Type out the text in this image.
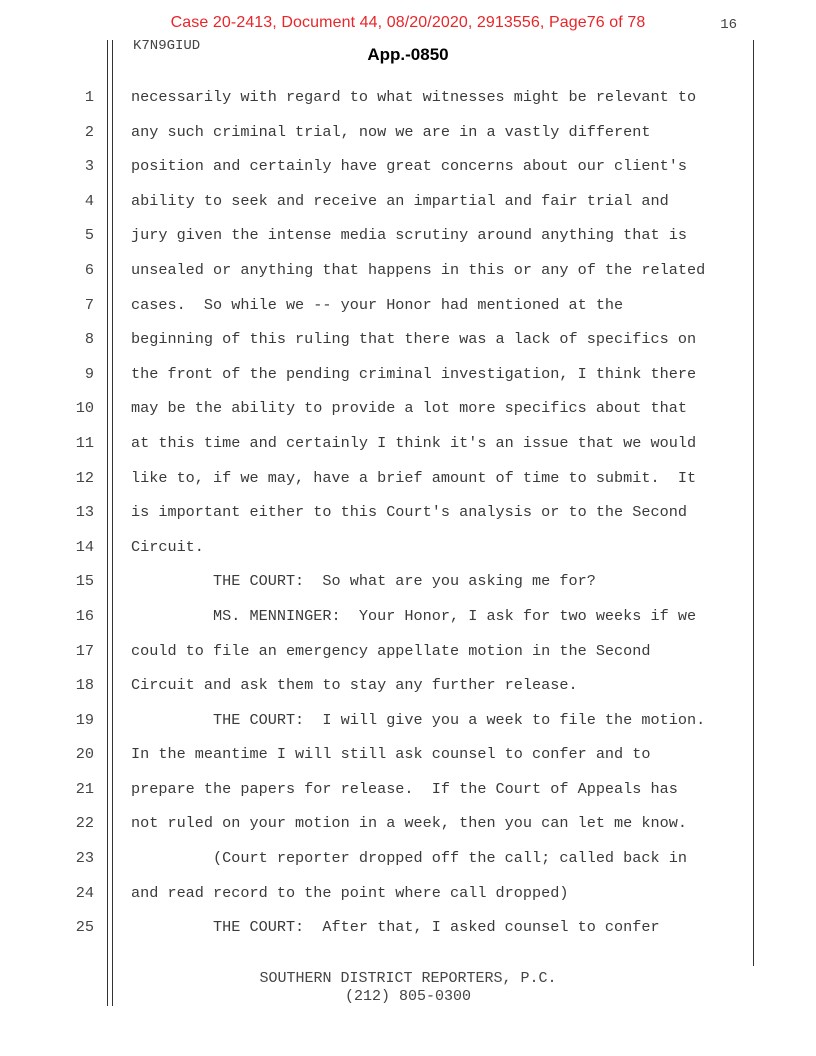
Case 20-2413, Document 44, 08/20/2020, 2913556, Page76 of 78	16
K7N9GIUD	App.-0850
1 necessarily with regard to what witnesses might be relevant to
2 any such criminal trial, now we are in a vastly different
3 position and certainly have great concerns about our client's
4 ability to seek and receive an impartial and fair trial and
5 jury given the intense media scrutiny around anything that is
6 unsealed or anything that happens in this or any of the related
7 cases.  So while we -- your Honor had mentioned at the
8 beginning of this ruling that there was a lack of specifics on
9 the front of the pending criminal investigation, I think there
10 may be the ability to provide a lot more specifics about that
11 at this time and certainly I think it's an issue that we would
12 like to, if we may, have a brief amount of time to submit.  It
13 is important either to this Court's analysis or to the Second
14 Circuit.
15 THE COURT:  So what are you asking me for?
16 MS. MENNINGER:  Your Honor, I ask for two weeks if we
17 could to file an emergency appellate motion in the Second
18 Circuit and ask them to stay any further release.
19 THE COURT:  I will give you a week to file the motion.
20 In the meantime I will still ask counsel to confer and to
21 prepare the papers for release.  If the Court of Appeals has
22 not ruled on your motion in a week, then you can let me know.
23 (Court reporter dropped off the call; called back in
24 and read record to the point where call dropped)
25 THE COURT:  After that, I asked counsel to confer
SOUTHERN DISTRICT REPORTERS, P.C.
(212) 805-0300
